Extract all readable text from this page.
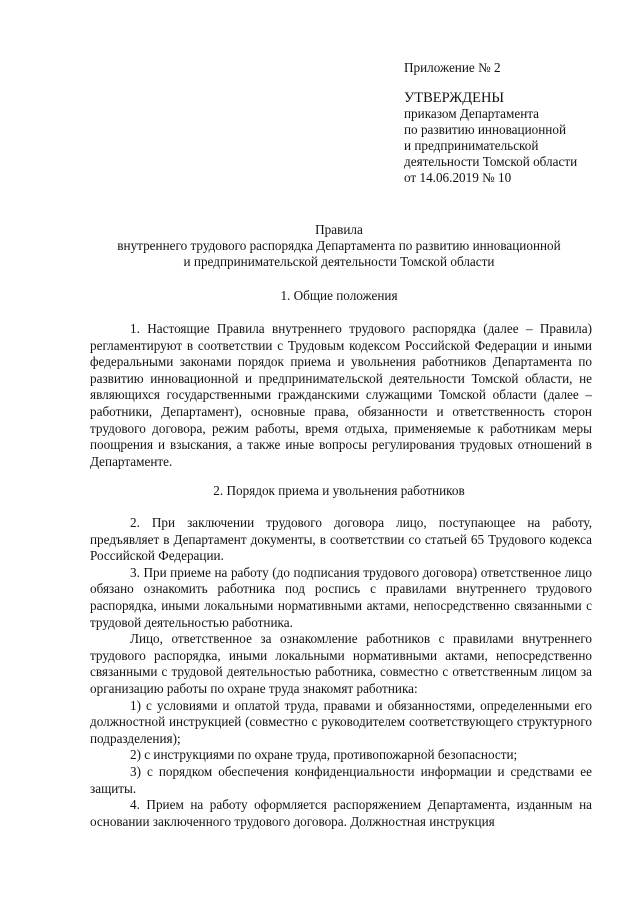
Приложение № 2
УТВЕРЖДЕНЫ
приказом Департамента
по развитию инновационной
и предпринимательской
деятельности Томской области
от 14.06.2019 № 10
Правила
внутреннего трудового распорядка Департамента по развитию инновационной
и предпринимательской деятельности Томской области
1. Общие положения

1. Настоящие Правила внутреннего трудового распорядка (далее – Правила) регламентируют в соответствии с Трудовым кодексом Российской Федерации и иными федеральными законами порядок приема и увольнения работников Департамента по развитию инновационной и предпринимательской деятельности Томской области, не являющихся государственными гражданскими служащими Томской области (далее – работники, Департамент), основные права, обязанности и ответственность сторон трудового договора, режим работы, время отдыха, применяемые к работникам меры поощрения и взыскания, а также иные вопросы регулирования трудовых отношений в Департаменте.

2. Порядок приема и увольнения работников

2. При заключении трудового договора лицо, поступающее на работу, предъявляет в Департамент документы, в соответствии со статьей 65 Трудового кодекса Российской Федерации.

3. При приеме на работу (до подписания трудового договора) ответственное лицо обязано ознакомить работника под роспись с правилами внутреннего трудового распорядка, иными локальными нормативными актами, непосредственно связанными с трудовой деятельностью работника.

Лицо, ответственное за ознакомление работников с правилами внутреннего трудового распорядка, иными локальными нормативными актами, непосредственно связанными с трудовой деятельностью работника, совместно с ответственным лицом за организацию работы по охране труда знакомят работника:

1) с условиями и оплатой труда, правами и обязанностями, определенными его должностной инструкцией (совместно с руководителем соответствующего структурного подразделения);

2) с инструкциями по охране труда, противопожарной безопасности;

3) с порядком обеспечения конфиденциальности информации и средствами ее защиты.

4. Прием на работу оформляется распоряжением Департамента, изданным на основании заключенного трудового договора. Должностная инструкция
